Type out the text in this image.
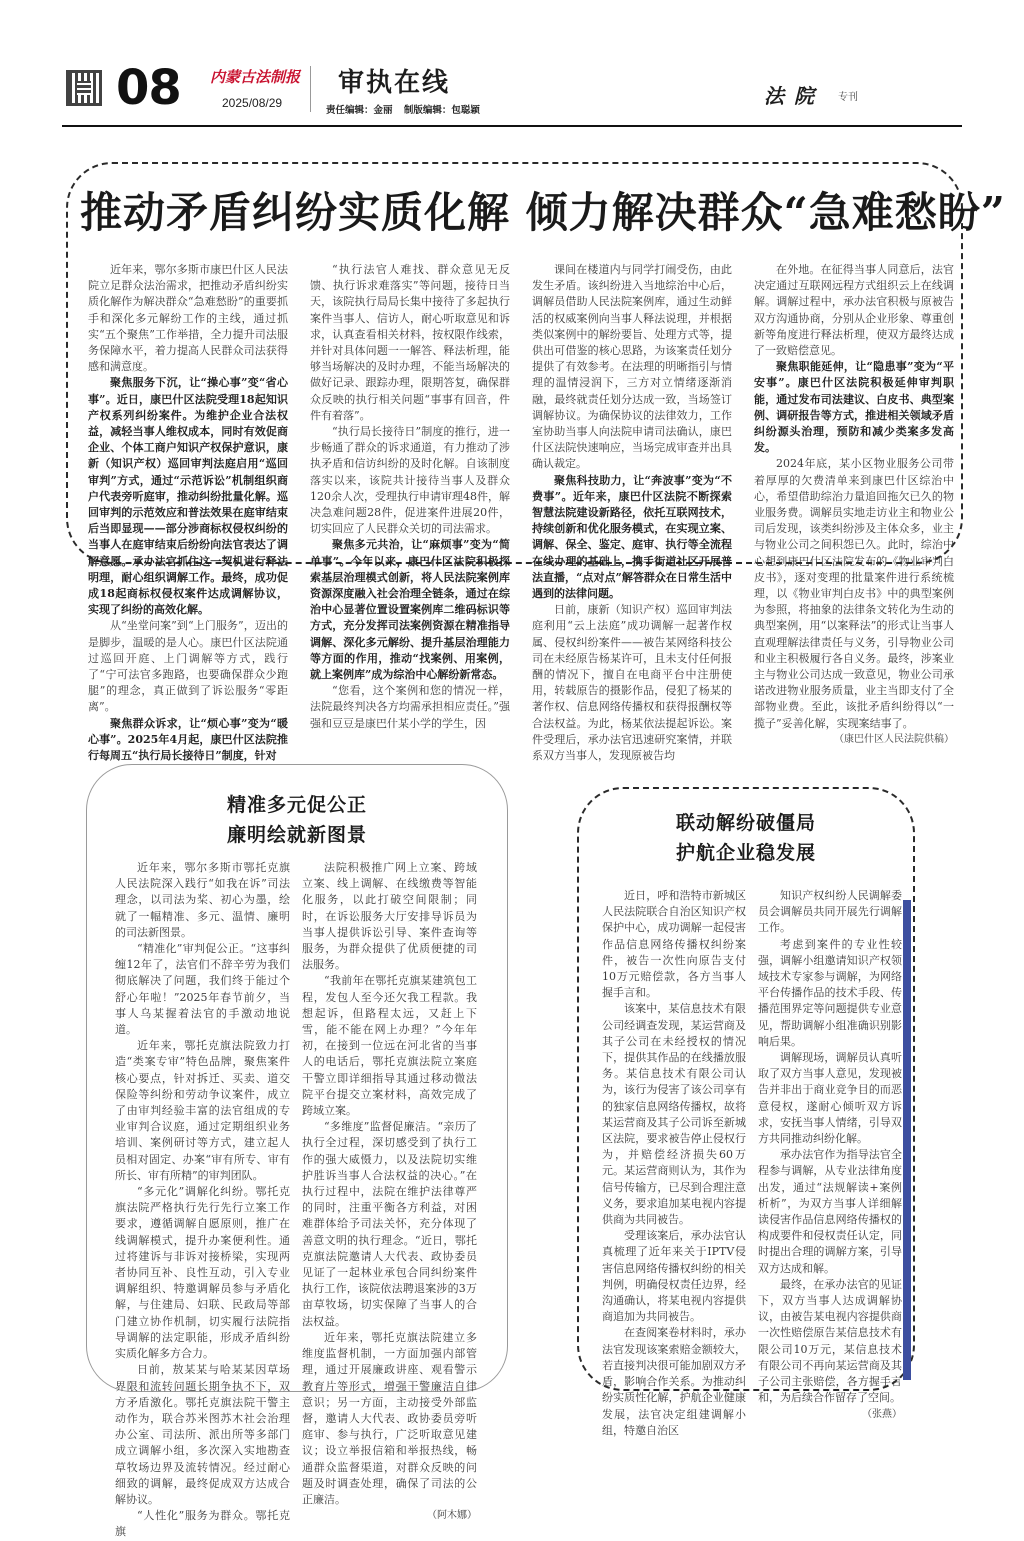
08 内蒙古法制报
2025/08/29
审执在线
责任编辑：金丽 制版编辑：包聪颖
法院 专刊
推动矛盾纠纷实质化解 倾力解决群众“急难愁盼”

近年来，鄂尔多斯市康巴什区人民法院立足群众法治需求，把推动矛盾纠纷实质化解作为解决群众“急难愁盼”的重要抓手和深化多元解纷工作的主线，通过抓实“五个聚焦”工作举措，全力提升司法服务保障水平，着力提高人民群众司法获得感和满意度。

聚焦服务下沉，让“操心事”变“省心事”。近日，康巴什区法院受理18起知识产权系列纠纷案件。为维护企业合法权益，减轻当事人维权成本，同时有效促商企业、个体工商户知识产权保护意识，康新（知识产权）巡回审判法庭启用“巡回审判”方式，通过“示范诉讼”机制组织商户代表旁听庭审，推动纠纷批量化解。巡回审判的示范效应和普法效果在庭审结束后当即显现——部分涉商标权侵权纠纷的当事人在庭审结束后纷纷向法官表达了调解意愿。承办法官抓住这一契机进行释法明理，耐心组织调解工作。最终，成功促成18起商标权侵权案件达成调解协议，实现了纠纷的高效化解。

从“坐堂问案”到“上门服务”，迈出的是脚步，温暖的是人心。康巴什区法院通过巡回开庭、上门调解等方式，践行了“宁可法官多跑路，也要确保群众少跑腿”的理念，真正做到了诉讼服务“零距离”。

聚焦群众诉求，让“烦心事”变为“暖心事”。2025年4月起，康巴什区法院推行每周五“执行局长接待日”制度，针对

“执行法官人难找、群众意见无反馈、执行诉求难落实”等问题，接待日当天，该院执行局局长集中接待了多起执行案件当事人、信访人，耐心听取意见和诉求，认真查看相关材料，按权限作线索，并针对具体问题一一解答、释法析理，能够当场解决的及时办理，不能当场解决的做好记录、跟踪办理，限期答复，确保群众反映的执行相关问题“事事有回音，件件有着落”。

“执行局长接待日”制度的推行，进一步畅通了群众的诉求通道，有力推动了涉执矛盾和信访纠纷的及时化解。自该制度落实以来，该院共计接待当事人及群众120余人次，受理执行申请审理48件，解决急难问题28件，促进案件进展20件，切实回应了人民群众关切的司法需求。

聚焦多元共治，让“麻烦事”变为“简单事”。今年以来，康巴什区法院积极探索基层治理模式创新，将人民法院案例库资源深度融入社会治理全链条，通过在综治中心显著位置设置案例库二维码标识等方式，充分发挥司法案例资源在精准指导调解、深化多元解纷、提升基层治理能力等方面的作用，推动“找案例、用案例，就上案例库”成为综治中心解纷新常态。

“您看，这个案例和您的情况一样，法院最终判决各方均需承担相应责任。”强强和豆豆是康巴什某小学的学生，因

课间在楼道内与同学打闹受伤，由此发生矛盾。该纠纷进入当地综治中心后，调解员借助人民法院案例库，通过生动鲜活的权威案例向当事人释法说理，并根据类似案例中的解纷要旨、处理方式等，提供出可借鉴的核心思路，为该案责任划分提供了有效参考。在法理的明晰指引与情理的温情浸润下，三方对立情绪逐渐消融，最终就责任划分达成一致，当场签订调解协议。为确保协议的法律效力，工作室协助当事人向法院申请司法确认，康巴什区法院快速响应，当场完成审查并出具确认裁定。

聚焦科技助力，让“奔波事”变为“不费事”。近年来，康巴什区法院不断探索智慧法院建设新路径，依托互联网技术，持续创新和优化服务模式，在实现立案、调解、保全、鉴定、庭审、执行等全流程在线办理的基础上，携手街道社区开展普法直播，“点对点”解答群众在日常生活中遇到的法律问题。

日前，康新（知识产权）巡回审判法庭利用“云上法庭”成功调解一起著作权属、侵权纠纷案件——被告某网络科技公司在未经原告杨某许可，且未支付任何报酬的情况下，擅自在电商平台中注册使用，转载原告的摄影作品，侵犯了杨某的著作权、信息网络传播权和获得报酬权等合法权益。为此，杨某依法提起诉讼。案件受理后，承办法官迅速研究案情，并联系双方当事人，发现原被告均

在外地。在征得当事人同意后，法官决定通过互联网远程方式组织云上在线调解。调解过程中，承办法官积极与原被告双方沟通协商，分别从企业形象、尊重创新等角度进行释法析理，使双方最终达成了一致赔偿意见。

聚焦职能延伸，让“隐患事”变为“平安事”。康巴什区法院积极延伸审判职能，通过发布司法建议、白皮书、典型案例、调研报告等方式，推进相关领域矛盾纠纷源头治理，预防和减少类案多发高发。

2024年底，某小区物业服务公司带着厚厚的欠费清单来到康巴什区综治中心，希望借助综治力量追回拖欠已久的物业服务费。调解员实地走访业主和物业公司后发现，该类纠纷涉及主体众多，业主与物业公司之间积怨已久。此时，综治中心想到康巴什区法院发布的《物业审判白皮书》，逐对变理的批量案件进行系统梳理，以《物业审判白皮书》中的典型案例为参照，将抽象的法律条文转化为生动的典型案例，用“以案释法”的形式让当事人直观理解法律责任与义务，引导物业公司和业主积极履行各自义务。最终，涉案业主与物业公司达成一致意见，物业公司承诺改进物业服务质量，业主当即支付了全部物业费。至此，该批矛盾纠纷得以“一揽子”妥善化解，实现案结事了。

（康巴什区人民法院供稿）

精准多元促公正
廉明绘就新图景

近年来，鄂尔多斯市鄂托克旗人民法院深入践行“如我在诉”司法理念，以司法为桨、初心为墨，绘就了一幅精准、多元、温情、廉明的司法新图景。

“精准化”审判促公正。“这事纠缠12年了，法官们不辞辛劳为我们彻底解决了问题，我们终于能过个舒心年啦！”2025年春节前夕，当事人乌某握着法官的手激动地说道。

近年来，鄂托克旗法院致力打造“类案专审”特色品牌，聚焦案件核心要点，针对拆迁、买卖、道交保险等纠纷和劳动争议案件，成立了由审判经验丰富的法官组成的专业审判合议庭，通过定期组织业务培训、案例研讨等方式，建立起人员相对固定、办案“审有所专、审有所长、审有所精”的审判团队。

“多元化”调解化纠纷。鄂托克旗法院严格执行先行先行立案工作要求，遵循调解自愿原则，推广在线调解模式，提升办案便利性。通过将建诉与非诉对接桥梁，实现两者协同互补、良性互动，引入专业调解组织、特邀调解员参与矛盾化解，与住建局、妇联、民政局等部门建立协作机制，切实履行法院指导调解的法定职能，形成矛盾纠纷实质化解多方合力。

日前，敖某某与哈某某因草场界限和流转问题长期争执不下，双方矛盾激化。鄂托克旗法院干警主动作为，联合苏米图苏木社会治理办公室、司法所、派出所等多部门成立调解小组，多次深入实地勘查草牧场边界及流转情况。经过耐心细致的调解，最终促成双方达成合解协议。

“人性化”服务为群众。鄂托克旗

法院积极推广网上立案、跨域立案、线上调解、在线缴费等智能化服务，以此打破空间限制；同时，在诉讼服务大厅安排导诉员为当事人提供诉讼引导、案件查询等服务，为群众提供了优质便捷的司法服务。

“我前年在鄂托克旗某建筑包工程，发包人至今还欠我工程款。我想起诉，但路程太远，又赶上下雪，能不能在网上办理？”今年年初，在接到一位远在河北省的当事人的电话后，鄂托克旗法院立案庭干警立即详细指导其通过移动微法院平台提交立案材料，高效完成了跨域立案。

“多维度”监督促廉洁。“亲历了执行全过程，深切感受到了执行工作的强大威慑力，以及法院切实维护胜诉当事人合法权益的决心。”在执行过程中，法院在维护法律尊严的同时，注重平衡各方利益，对困难群体给予司法关怀，充分体现了善意文明的执行理念。“近日，鄂托克旗法院邀请人大代表、政协委员见证了一起林业承包合同纠纷案件执行工作，该院依法聘退案涉的3万亩草牧场，切实保障了当事人的合法权益。

近年来，鄂托克旗法院建立多维度监督机制，一方面加强内部管理，通过开展廉政讲座、观看警示教育片等形式，增强干警廉洁自律意识；另一方面，主动接受外部监督，邀请人大代表、政协委员旁听庭审、参与执行，广泛听取意见建议；设立举报信箱和举报热线，畅通群众监督渠道，对群众反映的问题及时调查处理，确保了司法的公正廉洁。

（阿木娜）

联动解纷破僵局
护航企业稳发展

近日，呼和浩特市新城区人民法院联合自治区知识产权保护中心，成功调解一起侵害作品信息网络传播权纠纷案件，被告一次性向原告支付10万元赔偿款，各方当事人握手言和。

该案中，某信息技术有限公司经调查发现，某运营商及其子公司在未经授权的情况下，提供其作品的在线播放服务。某信息技术有限公司认为，该行为侵害了该公司享有的独家信息网络传播权，故将某运营商及其子公司诉至新城区法院，要求被告停止侵权行为，并赔偿经济损失60万元。某运营商则认为，其作为信号传输方，已尽到合理注意义务，要求追加某电视内容提供商为共同被告。

受理该案后，承办法官认真梳理了近年来关于IPTV侵害信息网络传播权纠纷的相关判例，明确侵权责任边界，经沟通确认，将某电视内容提供商追加为共同被告。

在查阅案卷材料时，承办法官发现该案索赔金额较大，若直接判决很可能加剧双方矛盾，影响合作关系。为推动纠纷实质性化解，护航企业健康发展，法官决定组建调解小组，特邀自治区

知识产权纠纷人民调解委员会调解员共同开展先行调解工作。

考虑到案件的专业性较强，调解小组邀请知识产权领域技术专家参与调解，为网络平台传播作品的技术手段、传播范围界定等问题提供专业意见，帮助调解小组准确识别影响后果。

调解现场，调解员认真听取了双方当事人意见，发现被告并非出于商业竞争目的而恶意侵权，遂耐心倾听双方诉求，安抚当事人情绪，引导双方共同推动纠纷化解。

承办法官作为指导法官全程参与调解，从专业法律角度出发，通过“法规解读+案例析析”，为双方当事人详细解读侵害作品信息网络传播权的构成要件和侵权责任认定，同时提出合理的调解方案，引导双方达成和解。

最终，在承办法官的见证下，双方当事人达成调解协议，由被告某电视内容提供商一次性赔偿原告某信息技术有限公司10万元，某信息技术有限公司不再向某运营商及其子公司主张赔偿，各方握手言和，为后续合作留存了空间。

（张燕）
